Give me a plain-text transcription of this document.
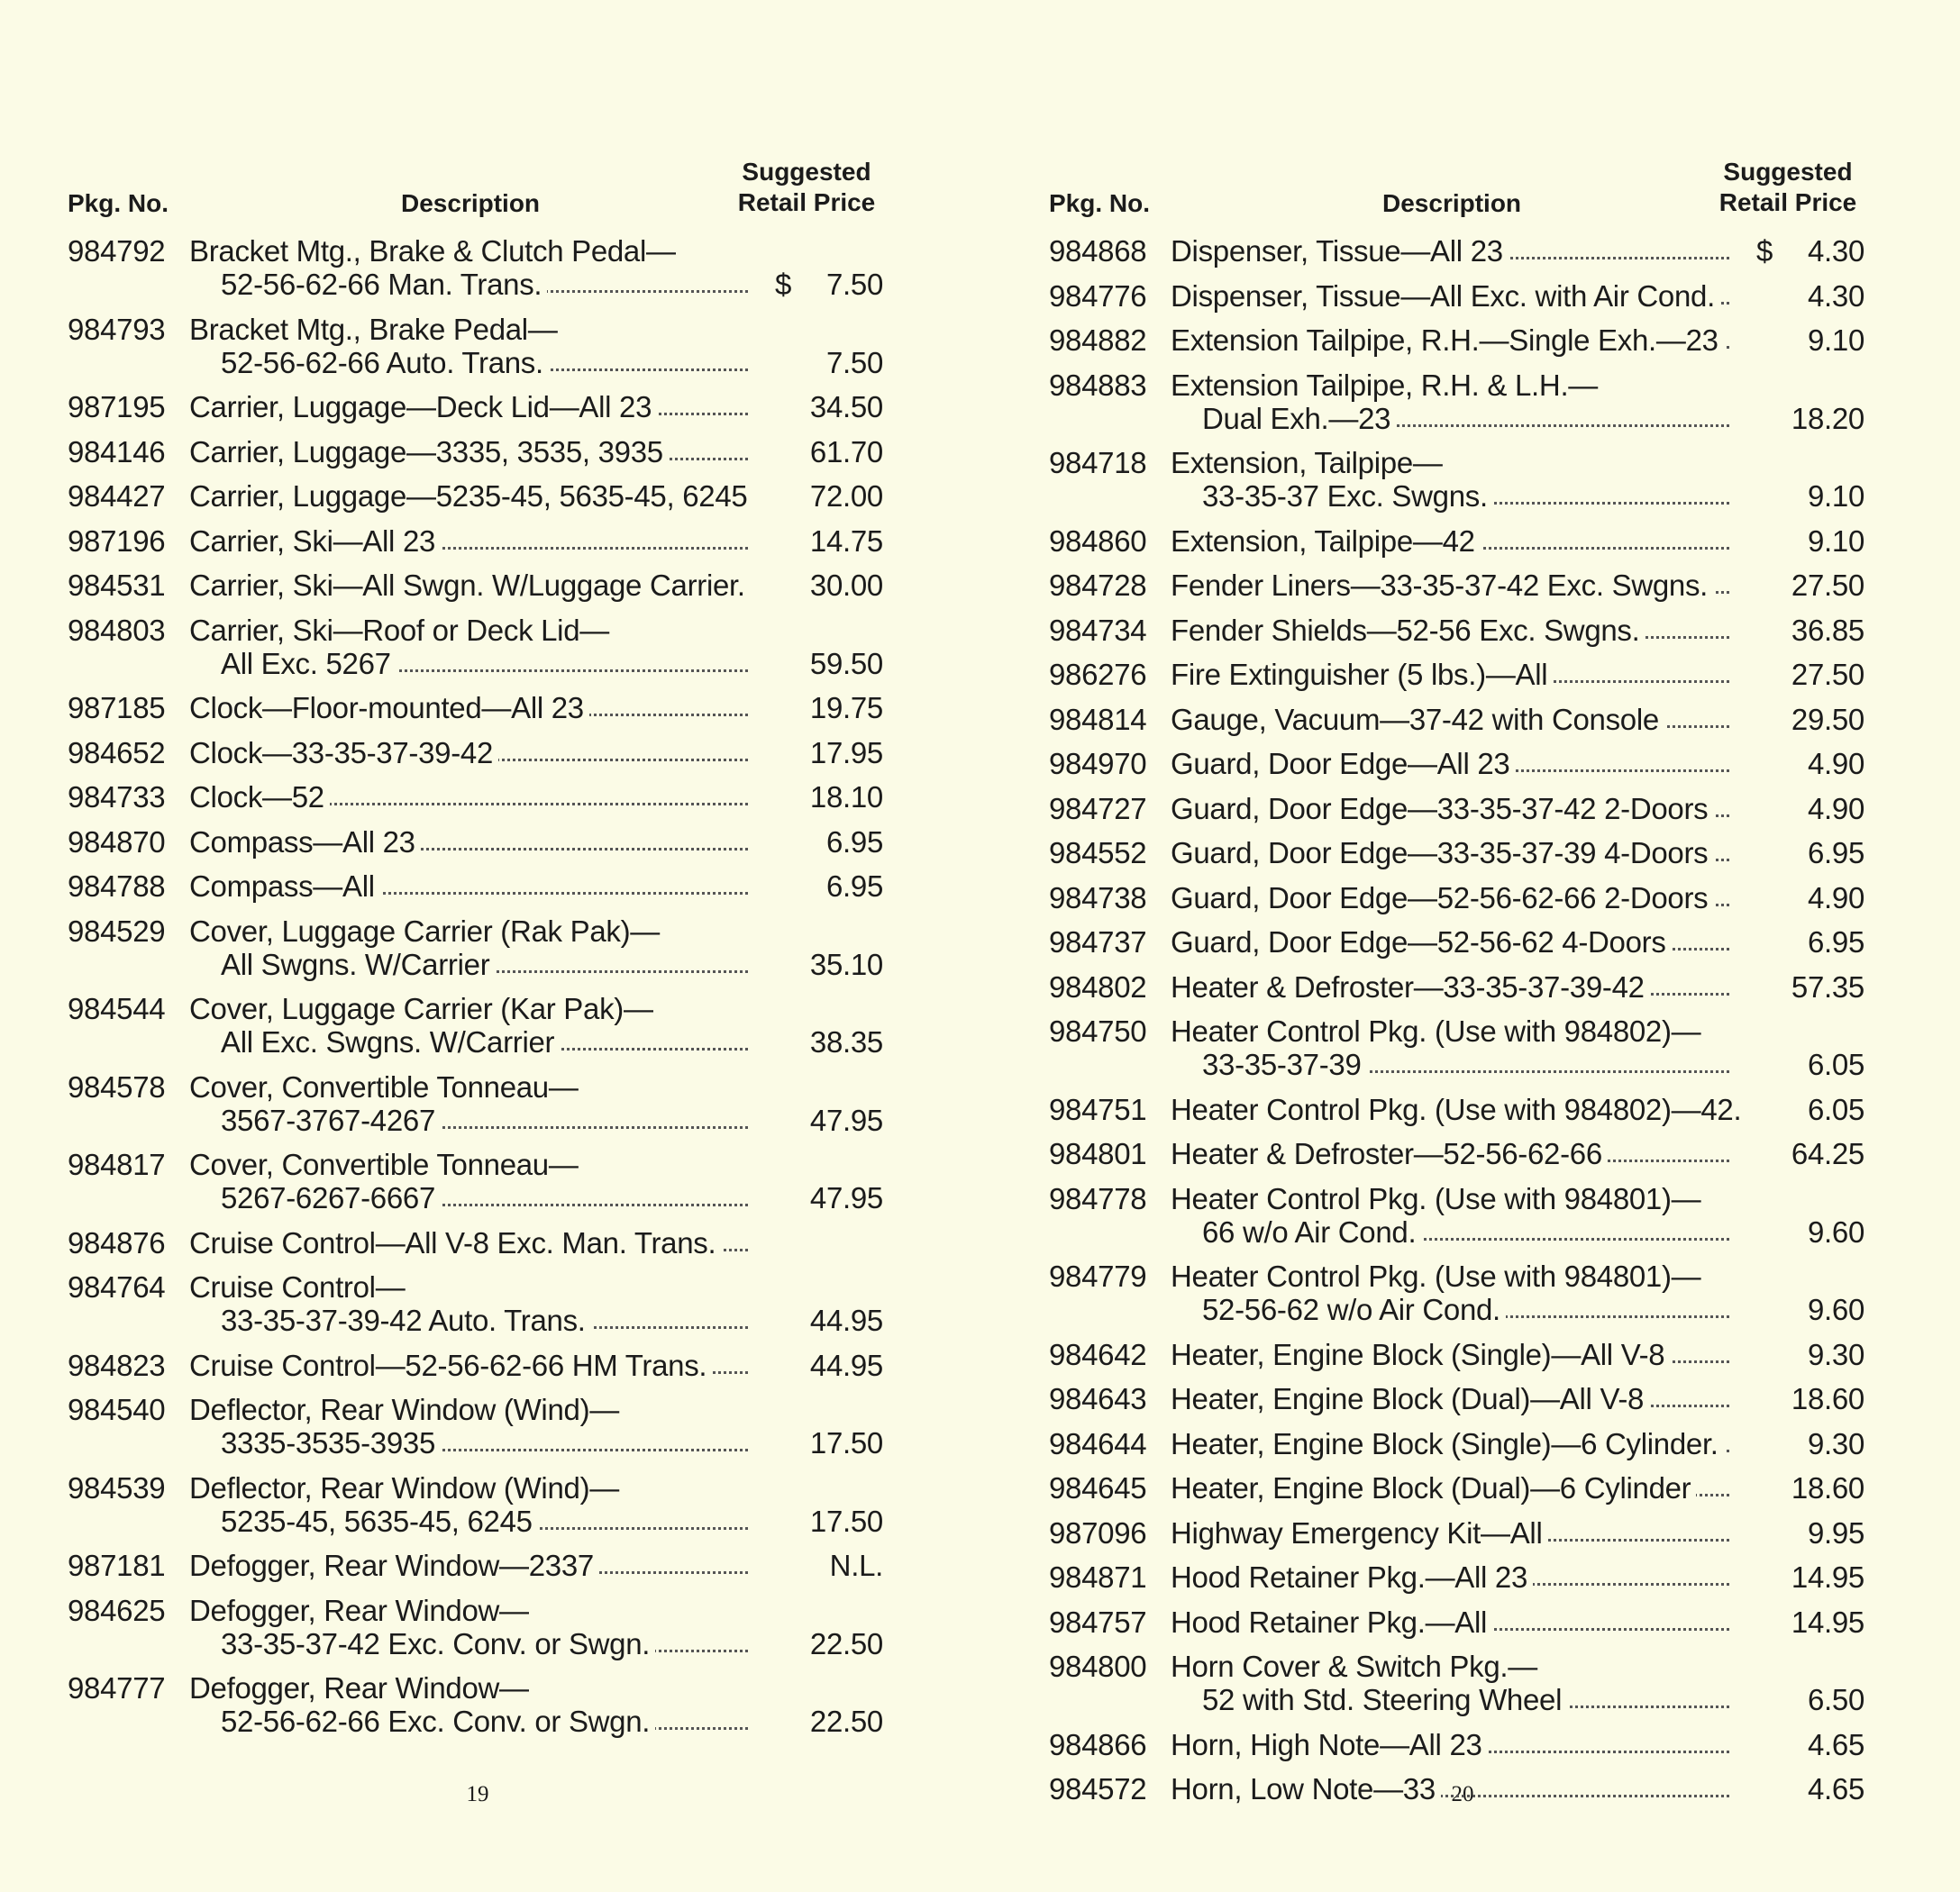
Pkg. No.	Description
Suggested
Retail Price
984792 Bracket Mtg., Brake & Clutch Pedal—
52-56-62-66 Man. Trans.	$ 7.50
984793 Bracket Mtg., Brake Pedal—
52-56-62-66 Auto. Trans.	7.50
987195 Carrier, Luggage—Deck Lid—All 23	34.50
984146 Carrier, Luggage—3335, 3535, 3935	61.70
984427 Carrier, Luggage—5235-45, 5635-45, 6245	72.00
987196 Carrier, Ski—All 23	14.75
984531 Carrier, Ski—All Swgn. W/Luggage Carrier.	30.00
984803 Carrier, Ski—Roof or Deck Lid—
All Exc. 5267	59.50
987185 Clock—Floor-mounted—All 23	19.75
984652 Clock—33-35-37-39-42	17.95
984733 Clock—52	18.10
984870 Compass—All 23	6.95
984788 Compass—All	6.95
984529 Cover, Luggage Carrier (Rak Pak)—
All Swgns. W/Carrier	35.10
984544 Cover, Luggage Carrier (Kar Pak)—
All Exc. Swgns. W/Carrier	38.35
984578 Cover, Convertible Tonneau—
3567-3767-4267	47.95
984817 Cover, Convertible Tonneau—
5267-6267-6667	47.95
984876 Cruise Control—All V-8 Exc. Man. Trans.
984764 Cruise Control—
33-35-37-39-42 Auto. Trans.	44.95
984823 Cruise Control—52-56-62-66 HM Trans.	44.95
984540 Deflector, Rear Window (Wind)—
3335-3535-3935	17.50
984539 Deflector, Rear Window (Wind)—
5235-45, 5635-45, 6245	17.50
987181 Defogger, Rear Window—2337	N.L.
984625 Defogger, Rear Window—
33-35-37-42 Exc. Conv. or Swgn.	22.50
984777 Defogger, Rear Window—
52-56-62-66 Exc. Conv. or Swgn.	22.50
19
Pkg. No.	Description
Suggested
Retail Price
984868 Dispenser, Tissue—All 23	$ 4.30
984776 Dispenser, Tissue—All Exc. with Air Cond.	4.30
984882 Extension Tailpipe, R.H.—Single Exh.—23	9.10
984883 Extension Tailpipe, R.H. & L.H.—
Dual Exh.—23	18.20
984718 Extension, Tailpipe—
33-35-37 Exc. Swgns.	9.10
984860 Extension, Tailpipe—42	9.10
984728 Fender Liners—33-35-37-42 Exc. Swgns.	27.50
984734 Fender Shields—52-56 Exc. Swgns.	36.85
986276 Fire Extinguisher (5 lbs.)—All	27.50
984814 Gauge, Vacuum—37-42 with Console	29.50
984970 Guard, Door Edge—All 23	4.90
984727 Guard, Door Edge—33-35-37-42 2-Doors	4.90
984552 Guard, Door Edge—33-35-37-39 4-Doors	6.95
984738 Guard, Door Edge—52-56-62-66 2-Doors	4.90
984737 Guard, Door Edge—52-56-62 4-Doors	6.95
984802 Heater & Defroster—33-35-37-39-42	57.35
984750 Heater Control Pkg. (Use with 984802)—
33-35-37-39	6.05
984751 Heater Control Pkg. (Use with 984802)—42.	6.05
984801 Heater & Defroster—52-56-62-66	64.25
984778 Heater Control Pkg. (Use with 984801)—
66 w/o Air Cond.	9.60
984779 Heater Control Pkg. (Use with 984801)—
52-56-62 w/o Air Cond.	9.60
984642 Heater, Engine Block (Single)—All V-8	9.30
984643 Heater, Engine Block (Dual)—All V-8	18.60
984644 Heater, Engine Block (Single)—6 Cylinder.	9.30
984645 Heater, Engine Block (Dual)—6 Cylinder	18.60
987096 Highway Emergency Kit—All	9.95
984871 Hood Retainer Pkg.—All 23	14.95
984757 Hood Retainer Pkg.—All	14.95
984800 Horn Cover & Switch Pkg.—
52 with Std. Steering Wheel	6.50
984866 Horn, High Note—All 23	4.65
984572 Horn, Low Note—33	4.65
20
